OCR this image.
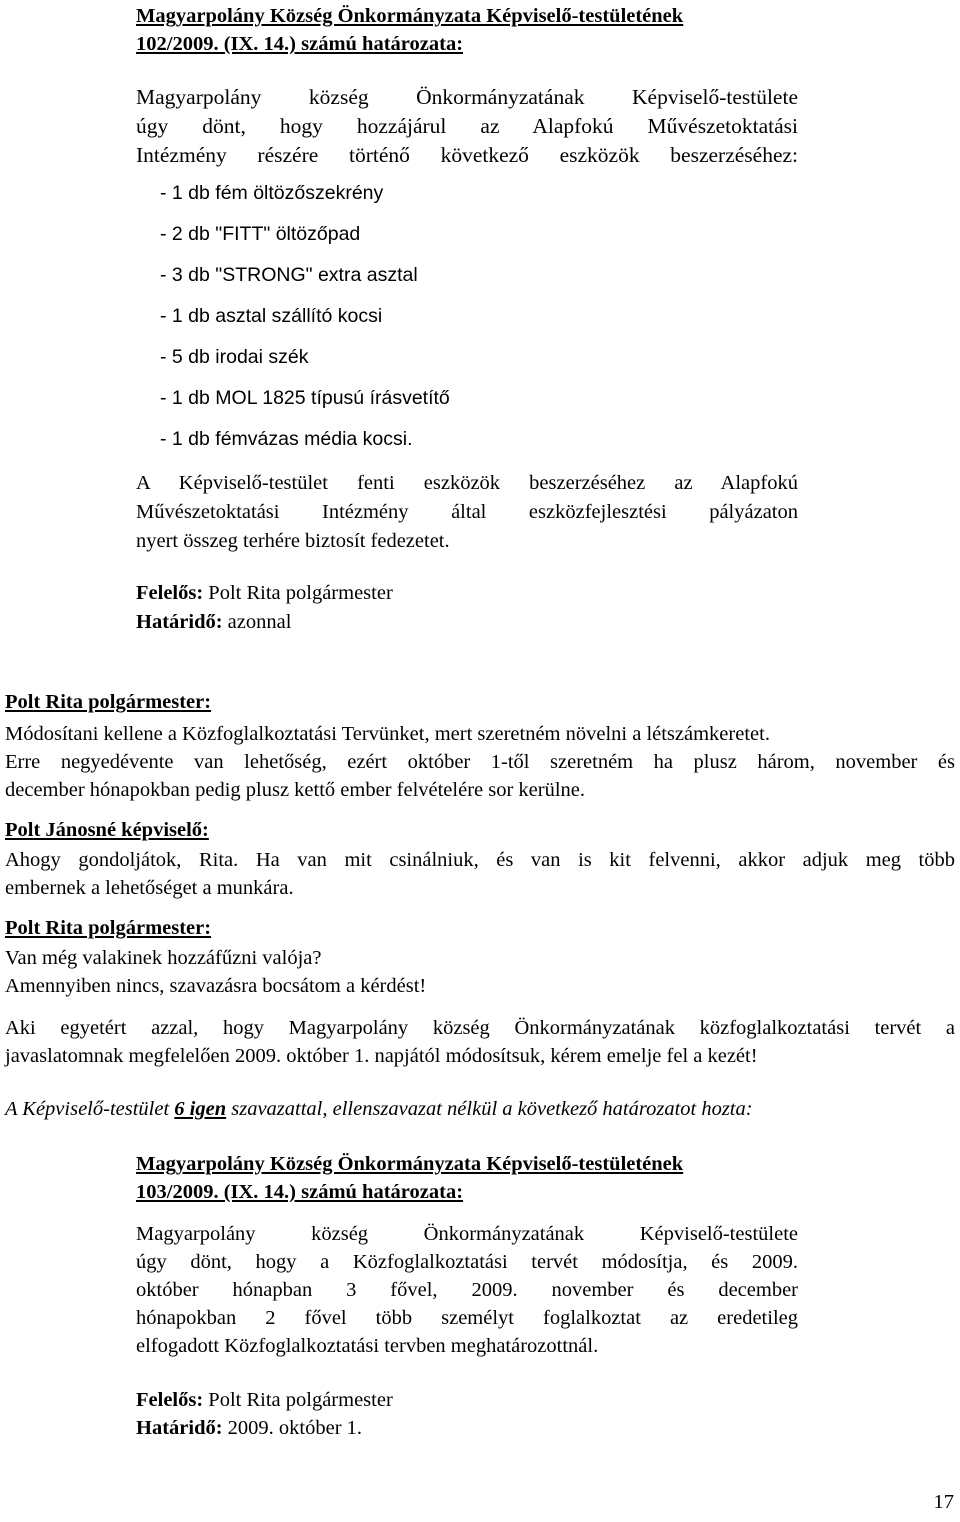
Magyarpolány Község Önkormányzata Képviselő-testületének
102/2009. (IX. 14.) számú határozata:
Magyarpolány község Önkormányzatának Képviselő-testülete
úgy dönt, hogy hozzájárul az Alapfokú Művészetoktatási
Intézmény részére történő következő eszközök beszerzéséhez:
- 1 db fém öltözőszekrény
- 2 db "FITT" öltözőpad
- 3 db "STRONG" extra asztal
- 1 db asztal szállító kocsi
- 5 db irodai szék
- 1 db MOL 1825 típusú írásvetítő
- 1 db fémvázas média kocsi.
A Képviselő-testület fenti eszközök beszerzéséhez az Alapfokú
Művészetoktatási Intézmény által eszközfejlesztési pályázaton
nyert összeg terhére biztosít fedezetet.
Felelős: Polt Rita polgármester
Határidő: azonnal
Polt Rita polgármester:
Módosítani kellene a Közfoglalkoztatási Tervünket, mert szeretném növelni a létszámkeretet.
Erre negyedévente van lehetőség, ezért október 1-től szeretném ha plusz három, november és
december hónapokban pedig plusz kettő ember felvételére sor kerülne.
Polt Jánosné képviselő:
Ahogy gondoljátok, Rita. Ha van mit csinálniuk, és van is kit felvenni, akkor adjuk meg több
embernek a lehetőséget a munkára.
Polt Rita polgármester:
Van még valakinek hozzáfűzni valója?
Amennyiben nincs, szavazásra bocsátom a kérdést!
Aki egyetért azzal, hogy Magyarpolány község Önkormányzatának közfoglalkoztatási tervét a
javaslatomnak megfelelően 2009. október 1. napjától módosítsuk, kérem emelje fel a kezét!
A Képviselő-testület 6 igen szavazattal, ellenszavazat nélkül a következő határozatot hozta:
Magyarpolány Község Önkormányzata Képviselő-testületének
103/2009. (IX. 14.) számú határozata:
Magyarpolány község Önkormányzatának Képviselő-testülete
úgy dönt, hogy a Közfoglalkoztatási tervét módosítja, és 2009.
október hónapban 3 fővel, 2009. november és december
hónapokban 2 fővel több személyt foglalkoztat az eredetileg
elfogadott Közfoglalkoztatási tervben meghatározottnál.
Felelős: Polt Rita polgármester
Határidő: 2009. október 1.
17
